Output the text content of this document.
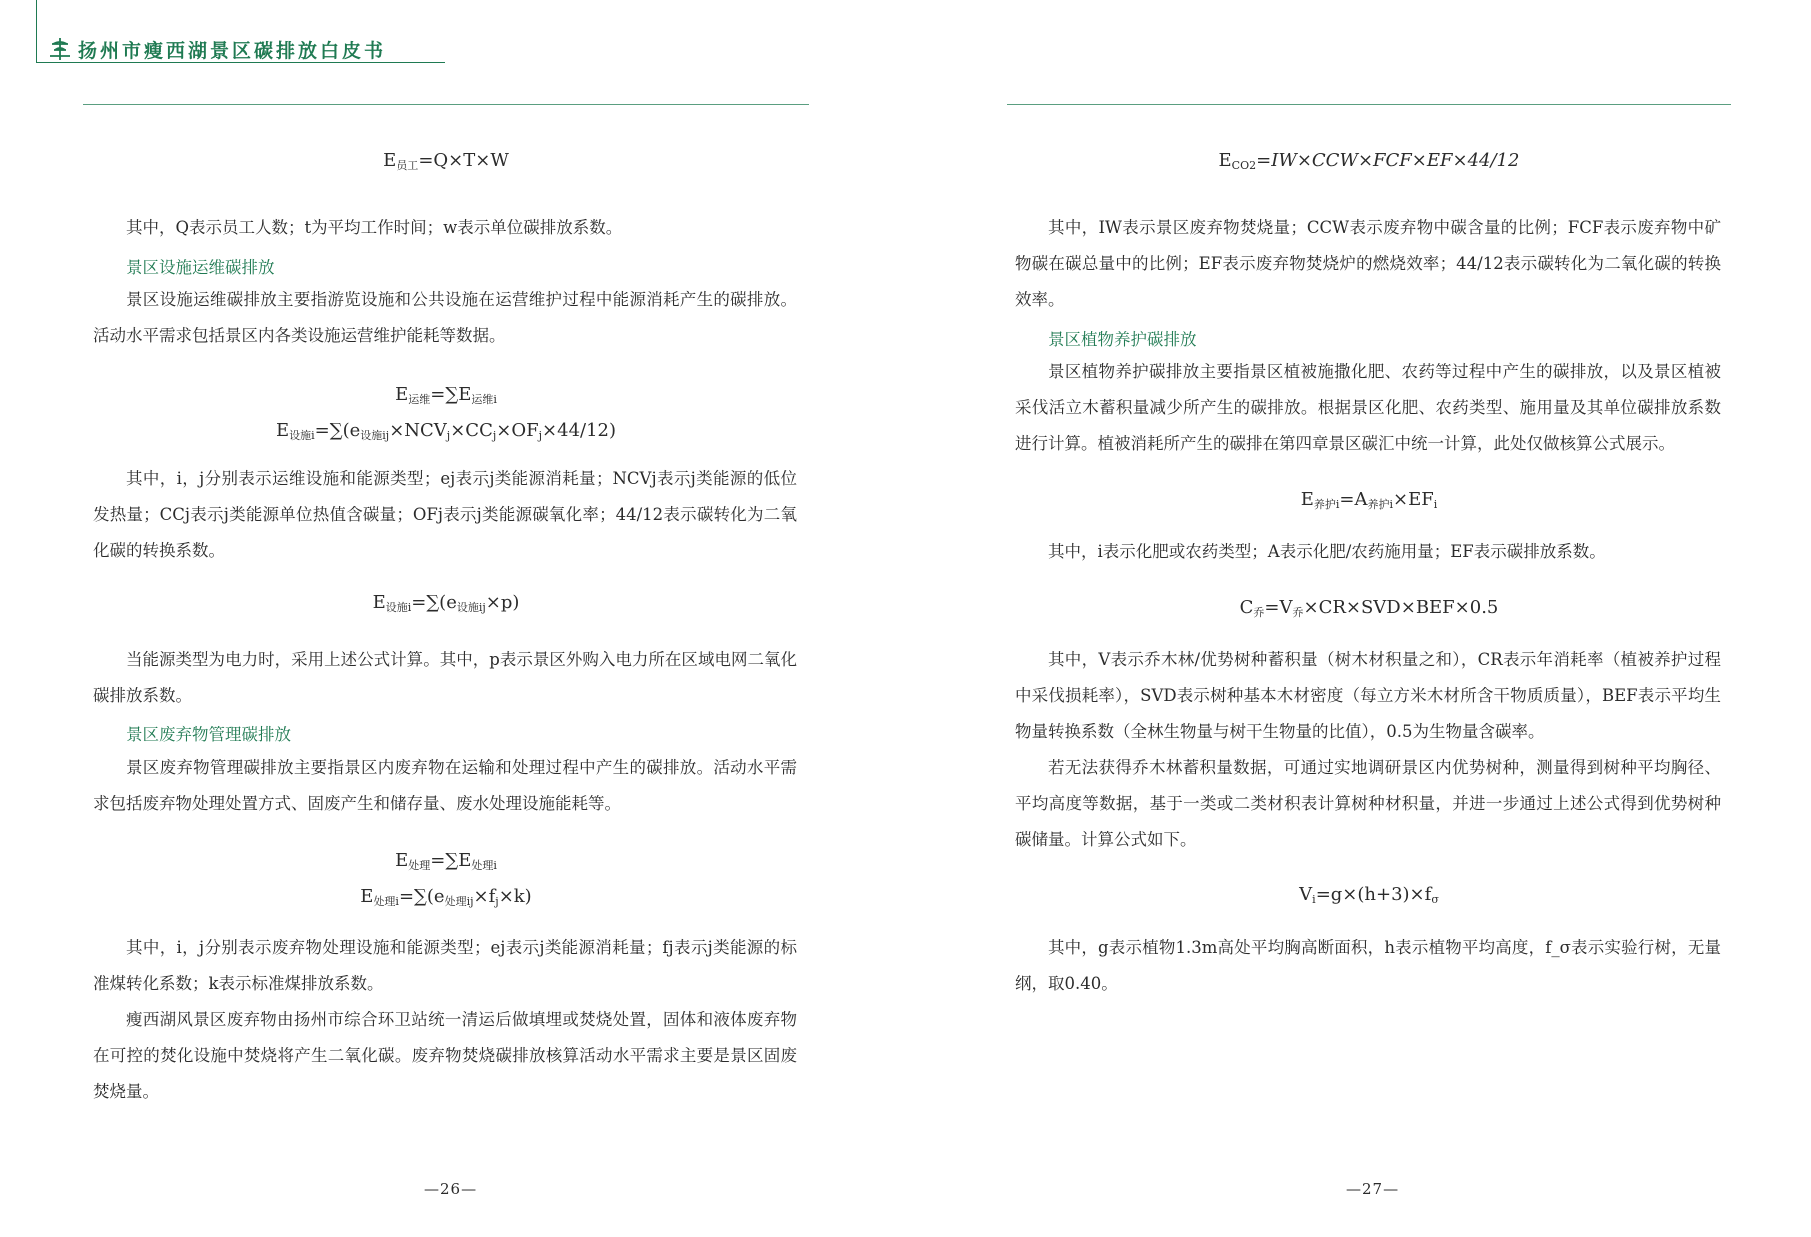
扬州市瘦西湖景区碳排放白皮书
$E_{员工}=Q\times T\times W$
其中，Q表示员工人数；t为平均工作时间；w表示单位碳排放系数。
景区设施运维碳排放
景区设施运维碳排放主要指游览设施和公共设施在运营维护过程中能源消耗产生的碳排放。活动水平需求包括景区内各类设施运营维护能耗等数据。
$E_{运维}=\sum E_{运维i}$
$E_{设施i}=\sum(e_{设施ij}\times NCV_j\times CC_j\times OF_j\times 44/12)$
其中，i，j分别表示运维设施和能源类型；ej表示j类能源消耗量；NCVj表示j类能源的低位发热量；CCj表示j类能源单位热值含碳量；OFj表示j类能源碳氧化率；44/12表示碳转化为二氧化碳的转换系数。
$E_{设施i}=\sum(e_{设施ij}\times p)$
当能源类型为电力时，采用上述公式计算。其中，p表示景区外购入电力所在区域电网二氧化碳排放系数。
景区废弃物管理碳排放
景区废弃物管理碳排放主要指景区内废弃物在运输和处理过程中产生的碳排放。活动水平需求包括废弃物处理处置方式、固废产生和储存量、废水处理设施能耗等。
$E_{处理}=\sum E_{处理i}$
$E_{处理i}=\sum(e_{处理ij}\times f_j\times k)$
其中，i，j分别表示废弃物处理设施和能源类型；ej表示j类能源消耗量；fj表示j类能源的标准煤转化系数；k表示标准煤排放系数。
瘦西湖风景区废弃物由扬州市综合环卫站统一清运后做填埋或焚烧处置，固体和液体废弃物在可控的焚化设施中焚烧将产生二氧化碳。废弃物焚烧碳排放核算活动水平需求主要是景区固废焚烧量。
—26—
$E_{CO2}=IW\times CCW\times FCF\times EF\times 44/12$
其中，IW表示景区废弃物焚烧量；CCW表示废弃物中碳含量的比例；FCF表示废弃物中矿物碳在碳总量中的比例；EF表示废弃物焚烧炉的燃烧效率；44/12表示碳转化为二氧化碳的转换效率。
景区植物养护碳排放
景区植物养护碳排放主要指景区植被施撒化肥、农药等过程中产生的碳排放，以及景区植被采伐活立木蓄积量减少所产生的碳排放。根据景区化肥、农药类型、施用量及其单位碳排放系数进行计算。植被消耗所产生的碳排在第四章景区碳汇中统一计算，此处仅做核算公式展示。
$E_{养护i}=A_{养护i}\times EF_i$
其中，i表示化肥或农药类型；A表示化肥/农药施用量；EF表示碳排放系数。
$C_乔=V_乔\times CR\times SVD\times BEF\times 0.5$
其中，V表示乔木林/优势树种蓄积量（树木材积量之和），CR表示年消耗率（植被养护过程中采伐损耗率），SVD表示树种基本木材密度（每立方米木材所含干物质质量），BEF表示平均生物量转换系数（全林生物量与树干生物量的比值），0.5为生物量含碳率。
若无法获得乔木林蓄积量数据，可通过实地调研景区内优势树种，测量得到树种平均胸径、平均高度等数据，基于一类或二类材积表计算树种材积量，并进一步通过上述公式得到优势树种碳储量。计算公式如下。
$V_i=g\times(h+3)\times f_\sigma$
其中，g表示植物1.3m高处平均胸高断面积，h表示植物平均高度，f_σ表示实验行树，无量纲，取0.40。
—27—
